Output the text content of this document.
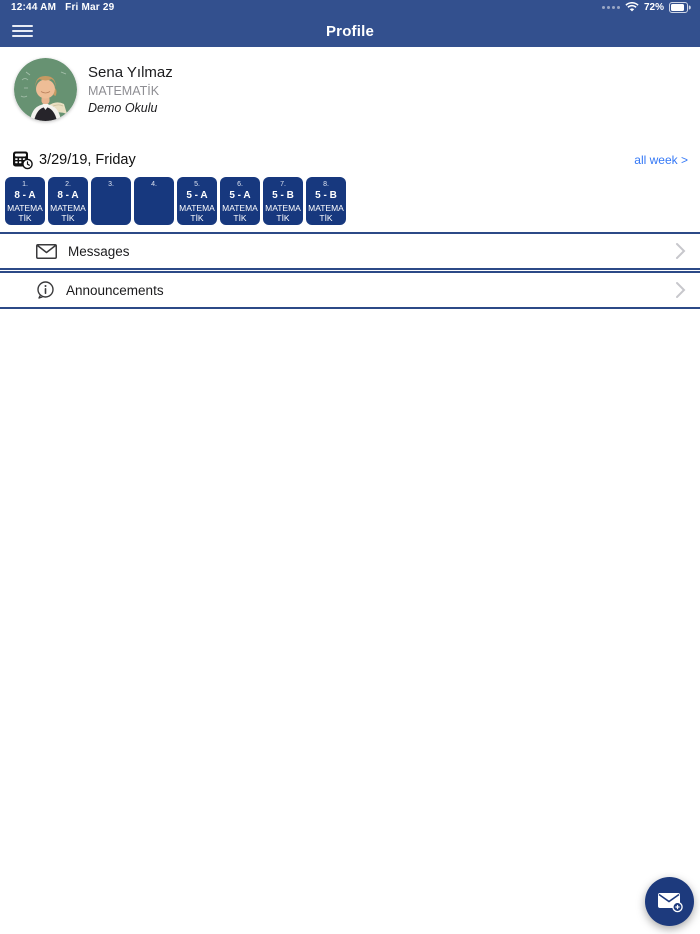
12:44 AM Fri Mar 29	72%
Profile
Sena Yılmaz
MATEMATİK
Demo Okulu
3/29/19, Friday	all week >
1.
8 - A
MATEMATİK
2.
8 - A
MATEMATİK
3.	4.	5.
5 - A
MATEMATİK
6.
5 - A
MATEMATİK
7.
5 - B
MATEMATİK
8.
5 - B
MATEMATİK
Messages
Announcements
